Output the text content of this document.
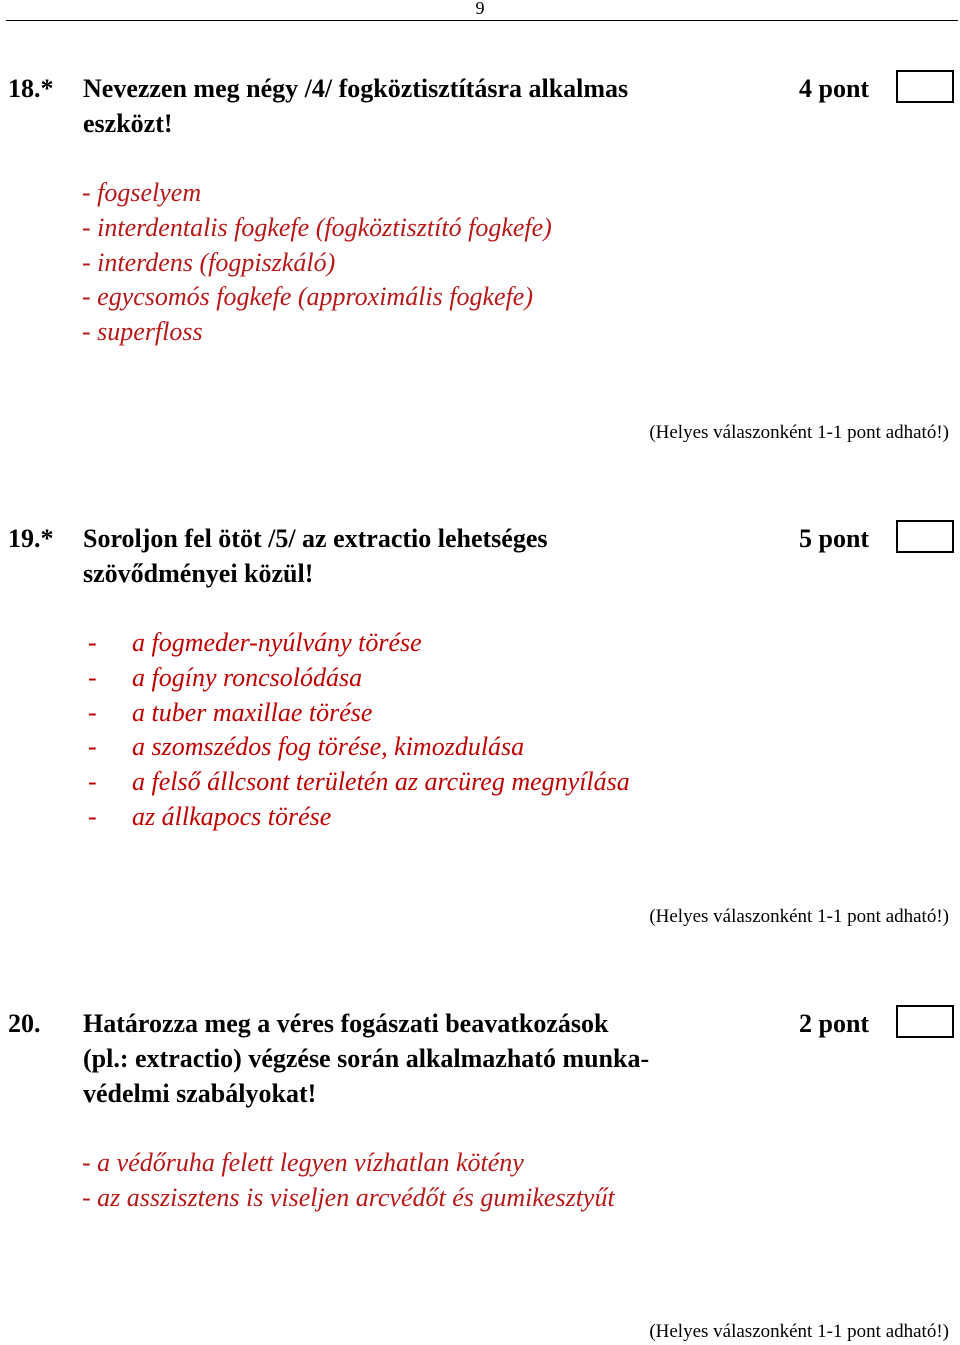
9
18.* Nevezzen meg négy /4/ fogköztisztításra alkalmas
eszközt!
4 pont
- fogselyem
- interdentalis fogkefe (fogköztisztító fogkefe)
- interdens (fogpiszkáló)
- egycsomós fogkefe (approximális fogkefe)
- superfloss
(Helyes válaszonként 1-1 pont adható!)
19.* Soroljon fel ötöt /5/ az extractio lehetséges
szövődményei közül!
5 pont
- a fogmeder-nyúlvány törése
- a fogíny roncsolódása
- a tuber maxillae törése
- a szomszédos fog törése, kimozdulása
- a felső állcsont területén az arcüreg megnyílása
- az állkapocs törése
(Helyes válaszonként 1-1 pont adható!)
20. Határozza meg a véres fogászati beavatkozások
(pl.: extractio) végzése során alkalmazható munka-
védelmi szabályokat!
2 pont
- a védőruha felett legyen vízhatlan kötény
- az asszisztens is viseljen arcvédőt és gumikesztyűt
(Helyes válaszonként 1-1 pont adható!)
